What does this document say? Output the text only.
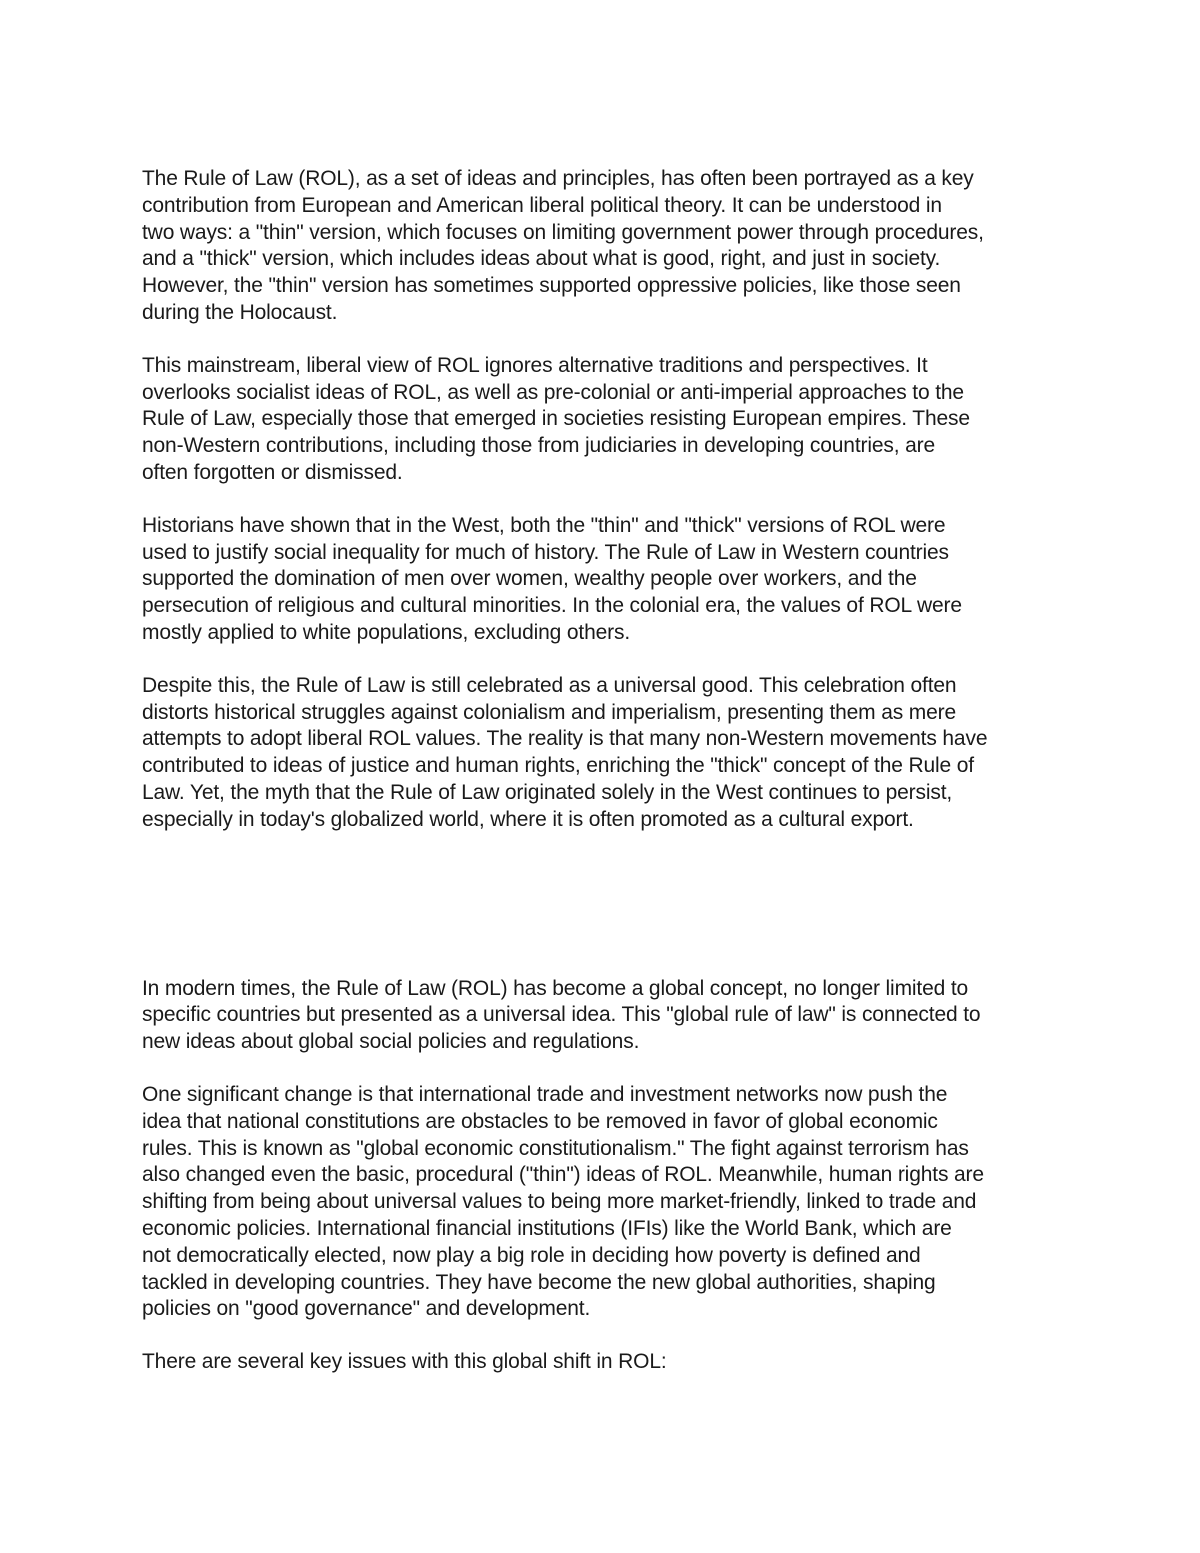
The Rule of Law (ROL), as a set of ideas and principles, has often been portrayed as a key
contribution from European and American liberal political theory. It can be understood in
two ways: a "thin" version, which focuses on limiting government power through procedures,
and a "thick" version, which includes ideas about what is good, right, and just in society.
However, the "thin" version has sometimes supported oppressive policies, like those seen
during the Holocaust.

This mainstream, liberal view of ROL ignores alternative traditions and perspectives. It
overlooks socialist ideas of ROL, as well as pre-colonial or anti-imperial approaches to the
Rule of Law, especially those that emerged in societies resisting European empires. These
non-Western contributions, including those from judiciaries in developing countries, are
often forgotten or dismissed.

Historians have shown that in the West, both the "thin" and "thick" versions of ROL were
used to justify social inequality for much of history. The Rule of Law in Western countries
supported the domination of men over women, wealthy people over workers, and the
persecution of religious and cultural minorities. In the colonial era, the values of ROL were
mostly applied to white populations, excluding others.

Despite this, the Rule of Law is still celebrated as a universal good. This celebration often
distorts historical struggles against colonialism and imperialism, presenting them as mere
attempts to adopt liberal ROL values. The reality is that many non-Western movements have
contributed to ideas of justice and human rights, enriching the "thick" concept of the Rule of
Law. Yet, the myth that the Rule of Law originated solely in the West continues to persist,
especially in today's globalized world, where it is often promoted as a cultural export.

In modern times, the Rule of Law (ROL) has become a global concept, no longer limited to
specific countries but presented as a universal idea. This "global rule of law" is connected to
new ideas about global social policies and regulations.

One significant change is that international trade and investment networks now push the
idea that national constitutions are obstacles to be removed in favor of global economic
rules. This is known as "global economic constitutionalism." The fight against terrorism has
also changed even the basic, procedural ("thin") ideas of ROL. Meanwhile, human rights are
shifting from being about universal values to being more market-friendly, linked to trade and
economic policies. International financial institutions (IFIs) like the World Bank, which are
not democratically elected, now play a big role in deciding how poverty is defined and
tackled in developing countries. They have become the new global authorities, shaping
policies on "good governance" and development.

There are several key issues with this global shift in ROL:
